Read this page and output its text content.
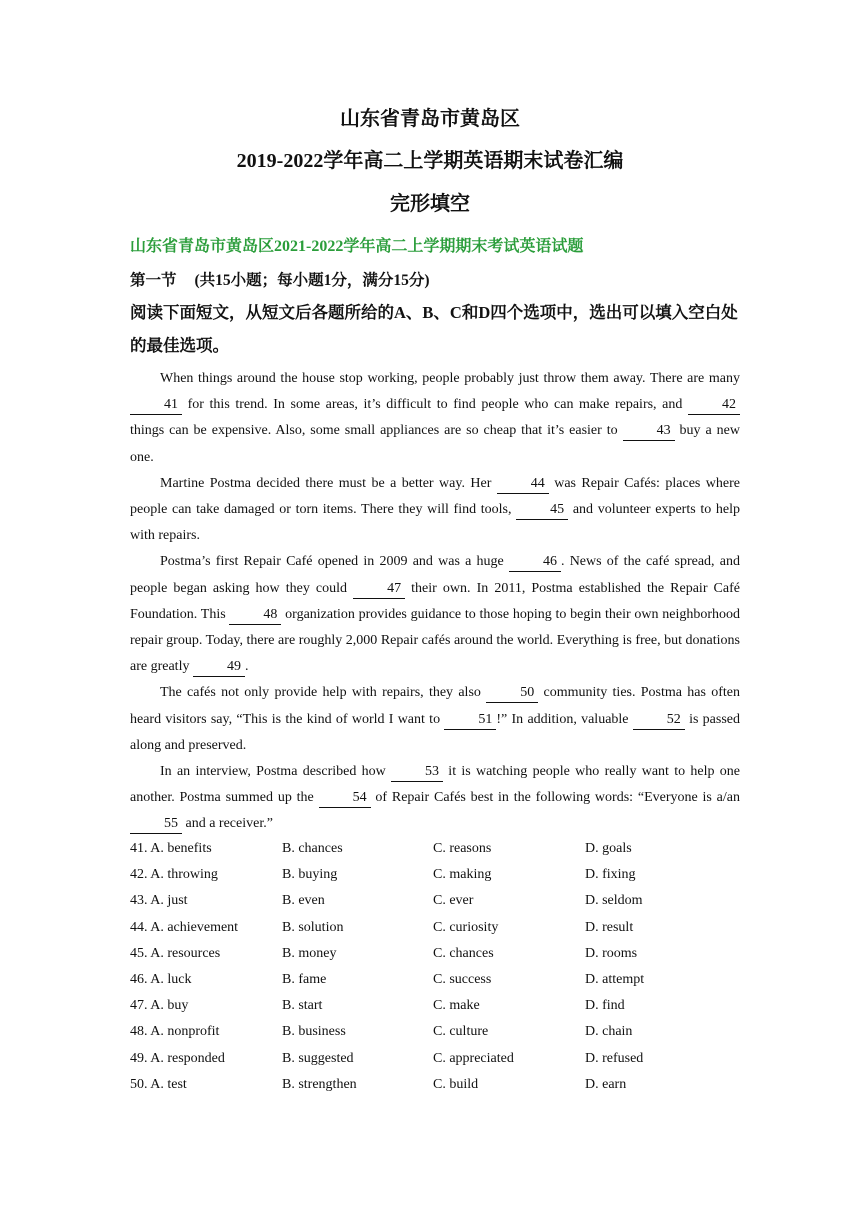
山东省青岛市黄岛区
2019-2022学年高二上学期英语期末试卷汇编
完形填空
山东省青岛市黄岛区2021-2022学年高二上学期期末考试英语试题
第一节 (共15小题；每小题1分，满分15分)
阅读下面短文，从短文后各题所给的A、B、C和D四个选项中，选出可以填入空白处的最佳选项。

When things around the house stop working, people probably just throw them away. There are many 41 for this trend. In some areas, it’s difficult to find people who can make repairs, and 42 things can be expensive. Also, some small appliances are so cheap that it’s easier to 43 buy a new one.

Martine Postma decided there must be a better way. Her 44 was Repair Cafés: places where people can take damaged or torn items. There they will find tools, 45 and volunteer experts to help with repairs.

Postma’s first Repair Café opened in 2009 and was a huge 46 . News of the café spread, and people began asking how they could 47 their own. In 2011, Postma established the Repair Café Foundation. This 48 organization provides guidance to those hoping to begin their own neighborhood repair group. Today, there are roughly 2,000 Repair cafés around the world. Everything is free, but donations are greatly 49 .

The cafés not only provide help with repairs, they also 50 community ties. Postma has often heard visitors say, “This is the kind of world I want to 51 !” In addition, valuable 52 is passed along and preserved.

In an interview, Postma described how 53 it is watching people who really want to help one another. Postma summed up the 54 of Repair Cafés best in the following words: “Everyone is a/an 55 and a receiver.”

41. A. benefits	B. chances	C. reasons	D. goals
42. A. throwing	B. buying	C. making	D. fixing
43. A. just	B. even	C. ever	D. seldom
44. A. achievement	B. solution	C. curiosity	D. result
45. A. resources	B. money	C. chances	D. rooms
46. A. luck	B. fame	C. success	D. attempt
47. A. buy	B. start	C. make	D. find
48. A. nonprofit	B. business	C. culture	D. chain
49. A. responded	B. suggested	C. appreciated	D. refused
50. A. test	B. strengthen	C. build	D. earn
